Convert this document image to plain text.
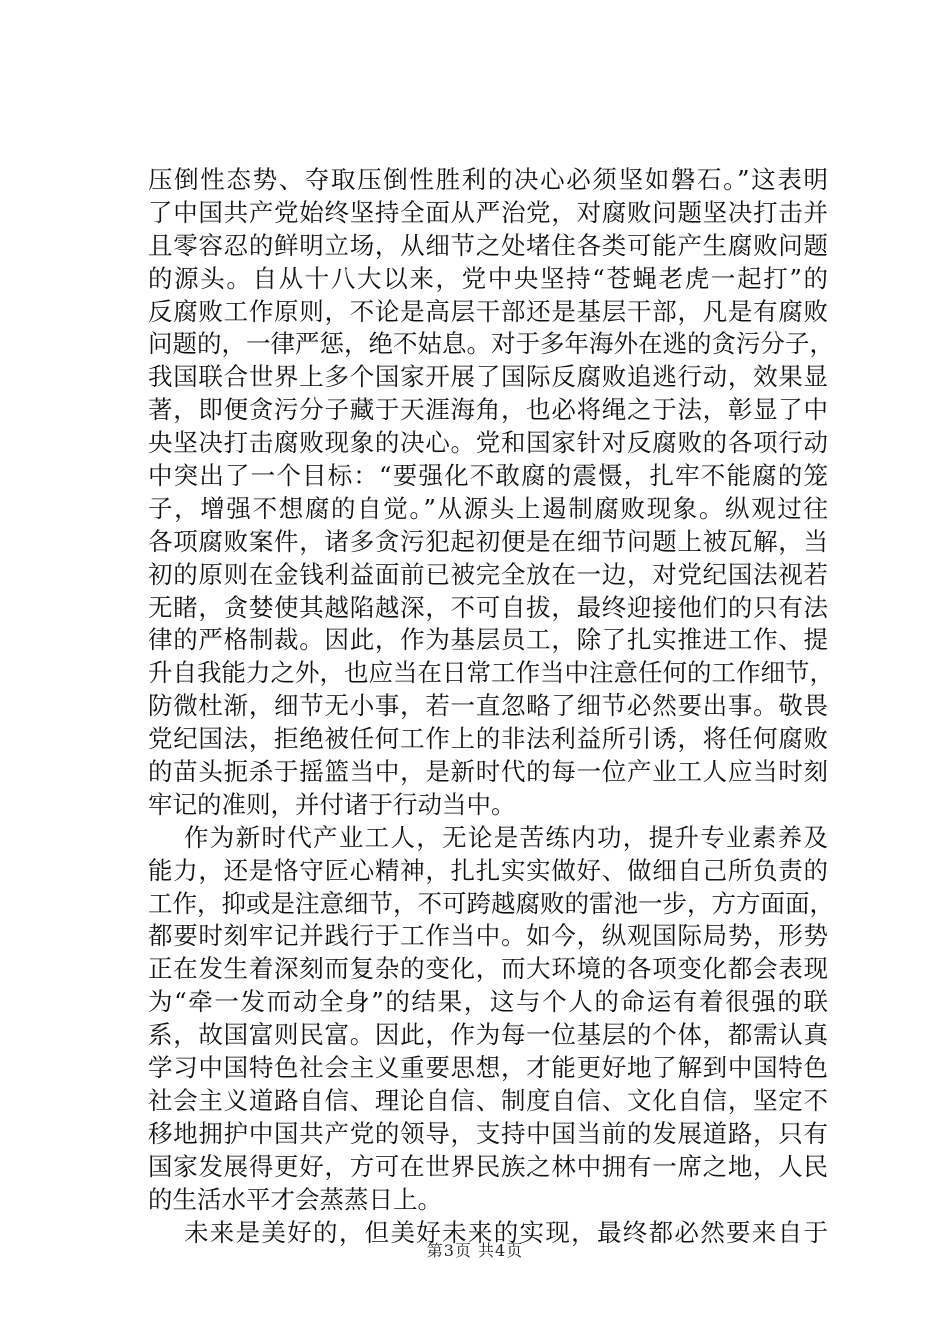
压倒性态势、夺取压倒性胜利的决心必须坚如磐石。”这表明
了中国共产党始终坚持全面从严治党，对腐败问题坚决打击并
且零容忍的鲜明立场，从细节之处堵住各类可能产生腐败问题
的源头。自从十八大以来，党中央坚持“苍蝇老虎一起打”的
反腐败工作原则，不论是高层干部还是基层干部，凡是有腐败
问题的，一律严惩，绝不姑息。对于多年海外在逃的贪污分子，
我国联合世界上多个国家开展了国际反腐败追逃行动，效果显
著，即便贪污分子藏于天涯海角，也必将绳之于法，彰显了中
央坚决打击腐败现象的决心。党和国家针对反腐败的各项行动
中突出了一个目标：“要强化不敢腐的震慑，扎牢不能腐的笼
子，增强不想腐的自觉。”从源头上遏制腐败现象。纵观过往
各项腐败案件，诸多贪污犯起初便是在细节问题上被瓦解，当
初的原则在金钱利益面前已被完全放在一边，对党纪国法视若
无睹，贪婪使其越陷越深，不可自拔，最终迎接他们的只有法
律的严格制裁。因此，作为基层员工，除了扎实推进工作、提
升自我能力之外，也应当在日常工作当中注意任何的工作细节，
防微杜渐，细节无小事，若一直忽略了细节必然要出事。敬畏
党纪国法，拒绝被任何工作上的非法利益所引诱，将任何腐败
的苗头扼杀于摇篮当中，是新时代的每一位产业工人应当时刻
牢记的准则，并付诸于行动当中。
作为新时代产业工人，无论是苦练内功，提升专业素养及
能力，还是恪守匠心精神，扎扎实实做好、做细自己所负责的
工作，抑或是注意细节，不可跨越腐败的雷池一步，方方面面，
都要时刻牢记并践行于工作当中。如今，纵观国际局势，形势
正在发生着深刻而复杂的变化，而大环境的各项变化都会表现
为“牵一发而动全身”的结果，这与个人的命运有着很强的联
系，故国富则民富。因此，作为每一位基层的个体，都需认真
学习中国特色社会主义重要思想，才能更好地了解到中国特色
社会主义道路自信、理论自信、制度自信、文化自信，坚定不
移地拥护中国共产党的领导，支持中国当前的发展道路，只有
国家发展得更好，方可在世界民族之林中拥有一席之地，人民
的生活水平才会蒸蒸日上。
未来是美好的，但美好未来的实现，最终都必然要来自于
第3页 共4页
